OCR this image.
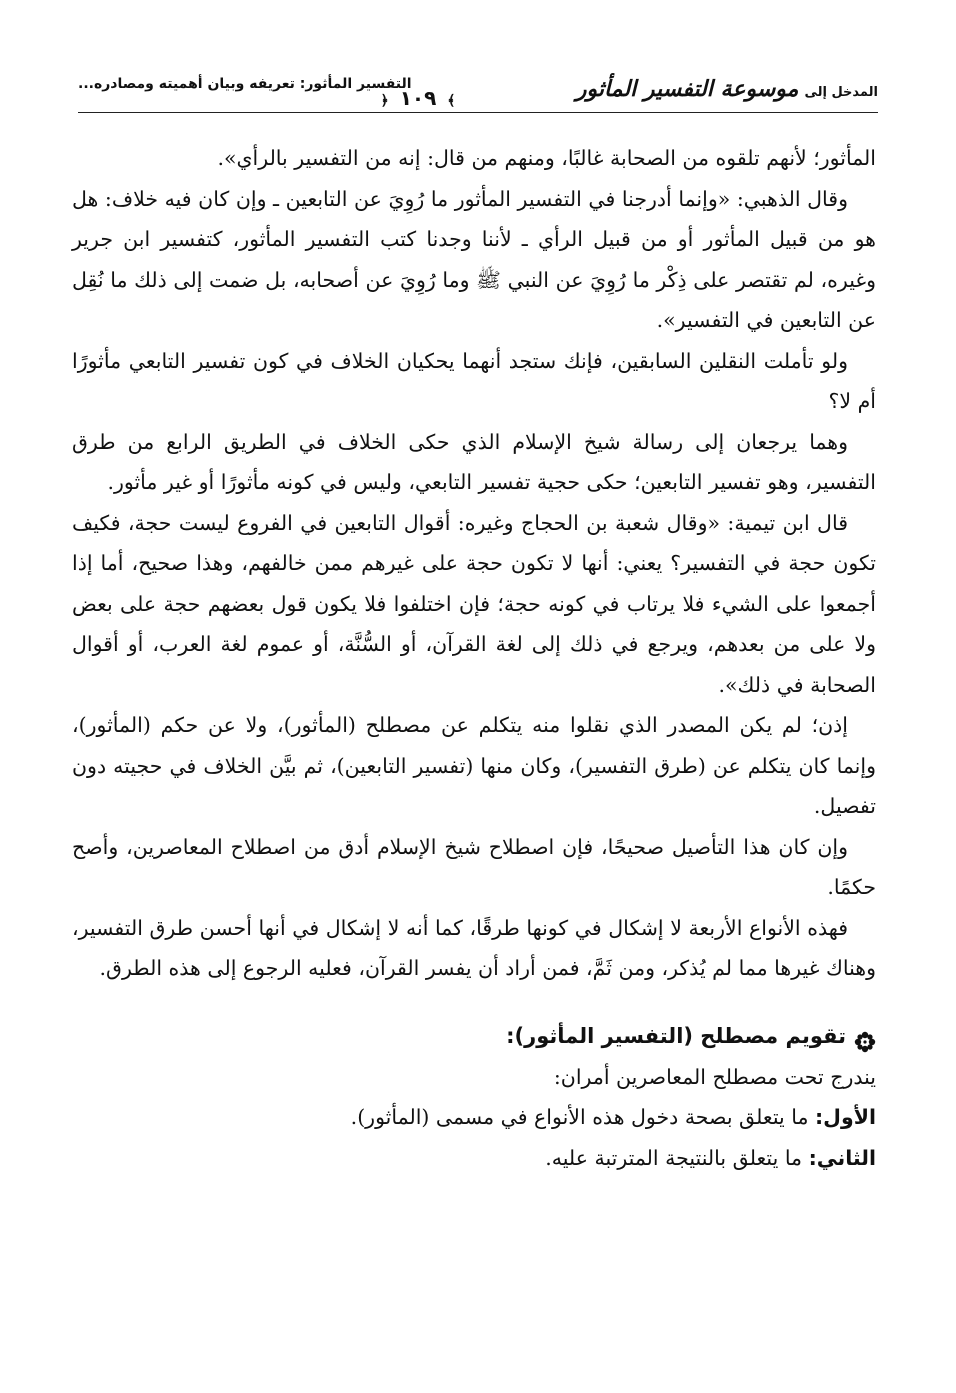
المدخل إلى
موسوعة التفسير المأثور
﴾ ١٠٩ ﴿
التفسير المأثور: تعريفه وبيان أهميته ومصادره...

المأثور؛ لأنهم تلقوه من الصحابة غالبًا، ومنهم من قال: إنه من التفسير بالرأي».

وقال الذهبي: «وإنما أدرجنا في التفسير المأثور ما رُوِيَ عن التابعين ـ وإن كان فيه خلاف: هل هو من قبيل المأثور أو من قبيل الرأي ـ لأننا وجدنا كتب التفسير المأثور، كتفسير ابن جرير وغيره، لم تقتصر على ذِكْر ما رُوِيَ عن النبي ﷺ وما رُوِيَ عن أصحابه، بل ضمت إلى ذلك ما نُقِل عن التابعين في التفسير».

ولو تأملت النقلين السابقين، فإنك ستجد أنهما يحكيان الخلاف في كون تفسير التابعي مأثورًا أم لا؟

وهما يرجعان إلى رسالة شيخ الإسلام الذي حكى الخلاف في الطريق الرابع من طرق التفسير، وهو تفسير التابعين؛ حكى حجية تفسير التابعي، وليس في كونه مأثورًا أو غير مأثور.

قال ابن تيمية: «وقال شعبة بن الحجاج وغيره: أقوال التابعين في الفروع ليست حجة، فكيف تكون حجة في التفسير؟ يعني: أنها لا تكون حجة على غيرهم ممن خالفهم، وهذا صحيح، أما إذا أجمعوا على الشيء فلا يرتاب في كونه حجة؛ فإن اختلفوا فلا يكون قول بعضهم حجة على بعض ولا على من بعدهم، ويرجع في ذلك إلى لغة القرآن، أو السُّنَّة، أو عموم لغة العرب، أو أقوال الصحابة في ذلك».

إذن؛ لم يكن المصدر الذي نقلوا منه يتكلم عن مصطلح (المأثور)، ولا عن حكم (المأثور)، وإنما كان يتكلم عن (طرق التفسير)، وكان منها (تفسير التابعين)، ثم بيَّن الخلاف في حجيته دون تفصيل.

وإن كان هذا التأصيل صحيحًا، فإن اصطلاح شيخ الإسلام أدق من اصطلاح المعاصرين، وأصح حكمًا.

فهذه الأنواع الأربعة لا إشكال في كونها طرقًا، كما أنه لا إشكال في أنها أحسن طرق التفسير، وهناك غيرها مما لم يُذكر، ومن ثَمَّ، فمن أراد أن يفسر القرآن، فعليه الرجوع إلى هذه الطرق.

تقويم مصطلح (التفسير المأثور):
يندرج تحت مصطلح المعاصرين أمران:
الأول: ما يتعلق بصحة دخول هذه الأنواع في مسمى (المأثور).
الثاني: ما يتعلق بالنتيجة المترتبة عليه.
